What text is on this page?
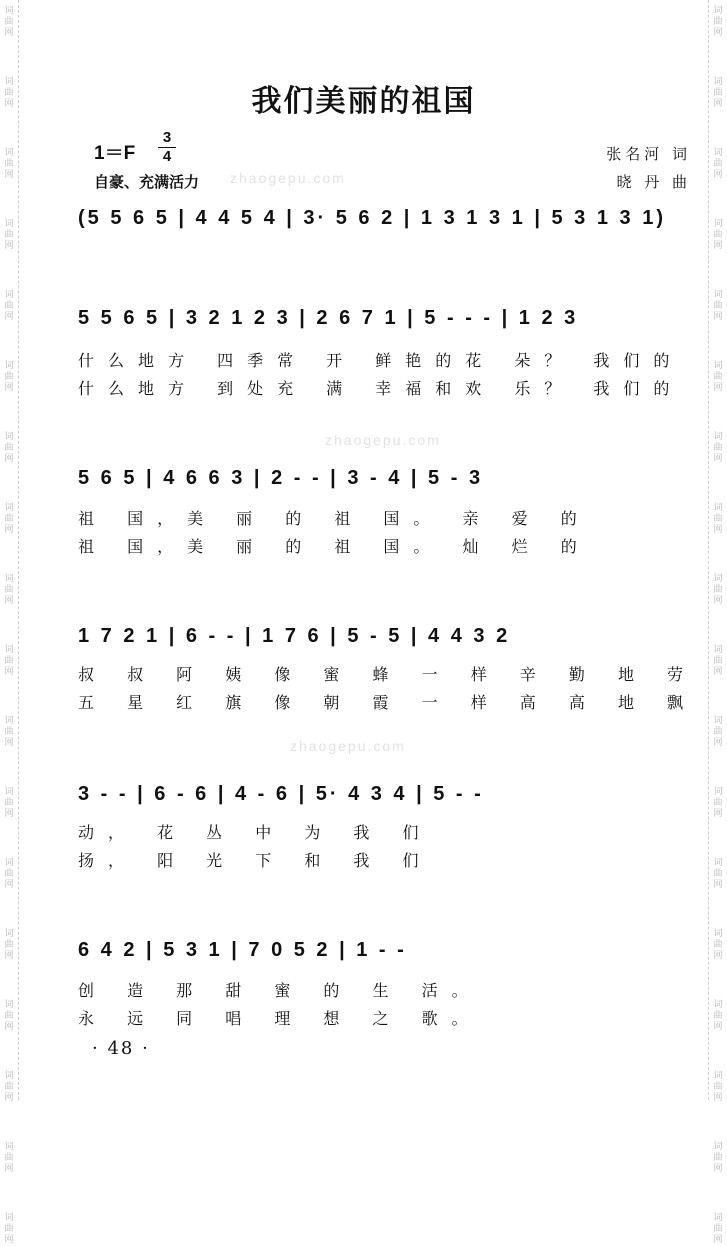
词
曲
网
词
曲
网
词
曲
网
词
曲
网
词
曲
网
词
曲
网
词
曲
网
词
曲
网
词
曲
网
词
曲
网
词
曲
网
词
曲
网
词
曲
网
词
曲
网
词
曲
网
词
曲
网
词
曲
网
词
曲
网
词
曲
网
词
曲
网
词
曲
网
词
曲
网
词
曲
网
词
曲
网
词
曲
网
词
曲
网
词
曲
网
词
曲
网
词
曲
网
词
曲
网
词
曲
网
词
曲
网
词
曲
网
词
曲
网
词
曲
网
词
曲
网
我们美丽的祖国
1＝F
3
4
自豪、充满活力
张名河 词
晓 丹 曲
zhaogepu.com
zhaogepu.com
zhaogepu.com
(5 5 6 5 | 4 4 5 4 | 3· 5 6 2 | 1 3 1 3 1 | 5 3 1 3 1)
5 5 6 5 | 3 2 1 2 3 | 2 6 7 1 | 5 - - - | 1 2 3
什么地方 四季常 开 鲜艳的花 朵？ 我们的
什么地方 到处充 满 幸福和欢 乐？ 我们的
5 6 5 | 4 6 6 3 | 2 - - | 3 - 4 | 5 - 3
祖 国，美 丽 的 祖 国。 亲 爱 的
祖 国，美 丽 的 祖 国。 灿 烂 的
1 7 2 1 | 6 - - | 1 7 6 | 5 - 5 | 4 4 3 2
叔 叔 阿 姨 像 蜜 蜂 一 样 辛 勤 地 劳
五 星 红 旗 像 朝 霞 一 样 高 高 地 飘
3 - - | 6 - 6 | 4 - 6 | 5· 4 3 4 | 5 - -
动， 花 丛 中 为 我 们
扬， 阳 光 下 和 我 们
6 4 2 | 5 3 1 | 7 0 5 2 | 1 - -
创 造 那 甜 蜜 的 生 活。
永 远 同 唱 理 想 之 歌。
· 48 ·
